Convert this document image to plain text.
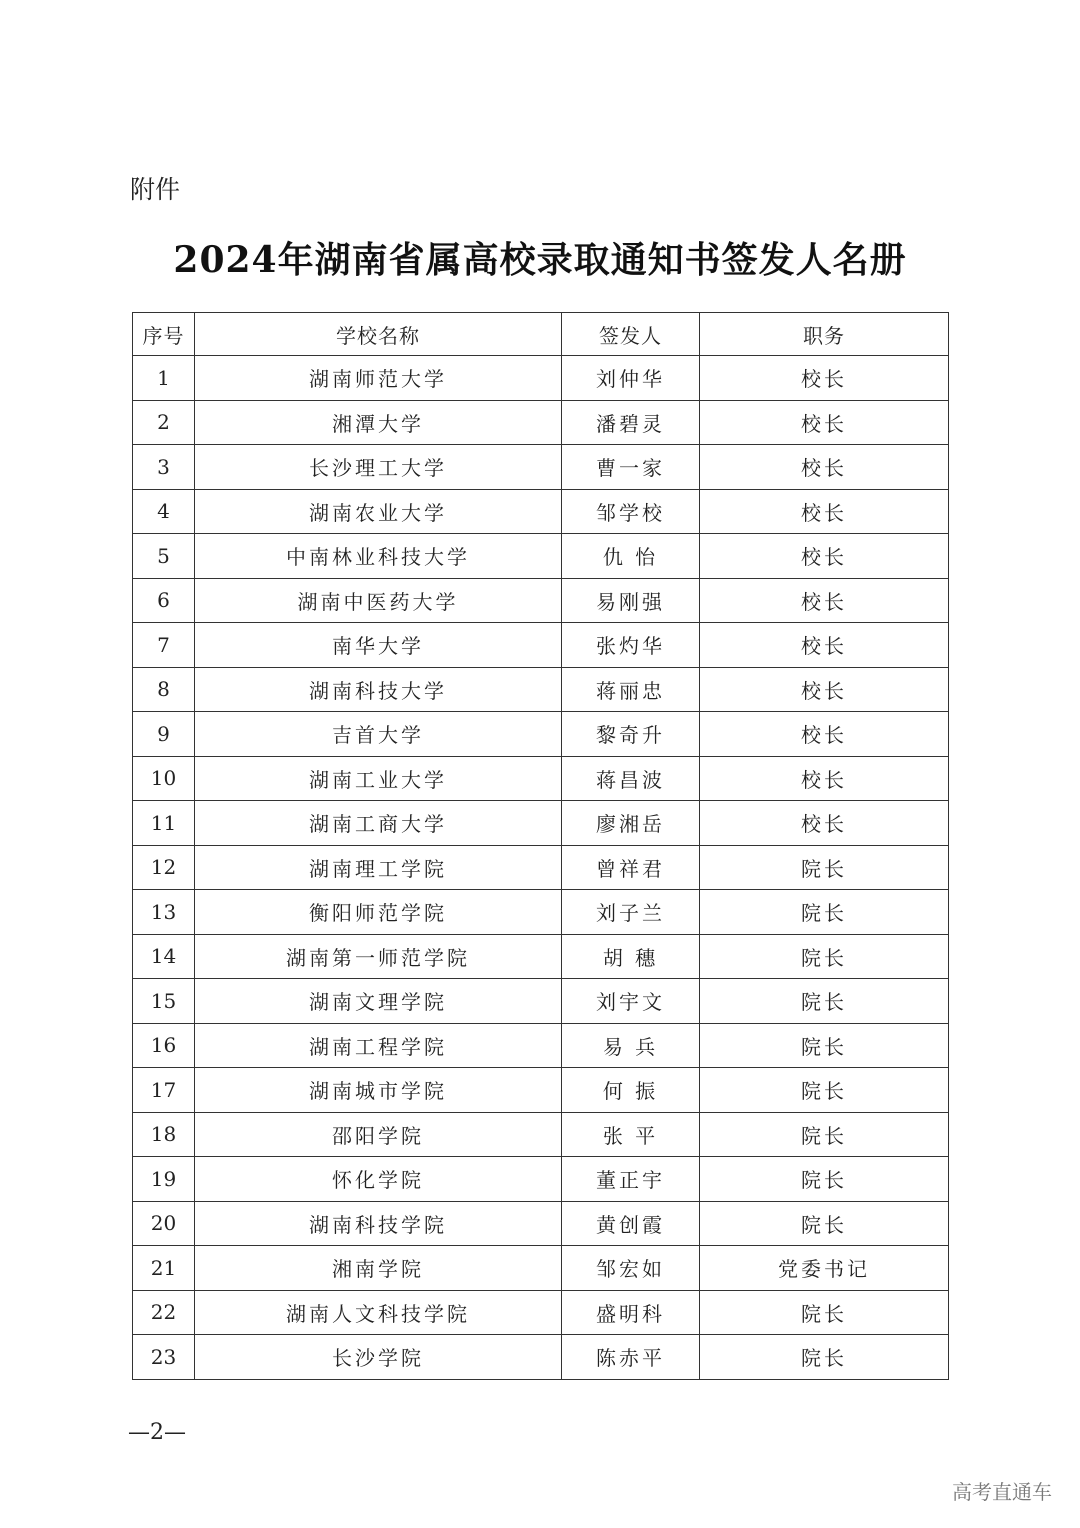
附件
2024年湖南省属高校录取通知书签发人名册
序号	学校名称	签发人	职务
1	湖南师范大学	刘仲华	校长
2	湘潭大学	潘碧灵	校长
3	长沙理工大学	曹一家	校长
4	湖南农业大学	邹学校	校长
5	中南林业科技大学	仇 怡	校长
6	湖南中医药大学	易刚强	校长
7	南华大学	张灼华	校长
8	湖南科技大学	蒋丽忠	校长
9	吉首大学	黎奇升	校长
10	湖南工业大学	蒋昌波	校长
11	湖南工商大学	廖湘岳	校长
12	湖南理工学院	曾祥君	院长
13	衡阳师范学院	刘子兰	院长
14	湖南第一师范学院	胡 穗	院长
15	湖南文理学院	刘宇文	院长
16	湖南工程学院	易 兵	院长
17	湖南城市学院	何 振	院长
18	邵阳学院	张 平	院长
19	怀化学院	董正宇	院长
20	湖南科技学院	黄创霞	院长
21	湘南学院	邹宏如	党委书记
22	湖南人文科技学院	盛明科	院长
23	长沙学院	陈赤平	院长
—2—
高考直通车
